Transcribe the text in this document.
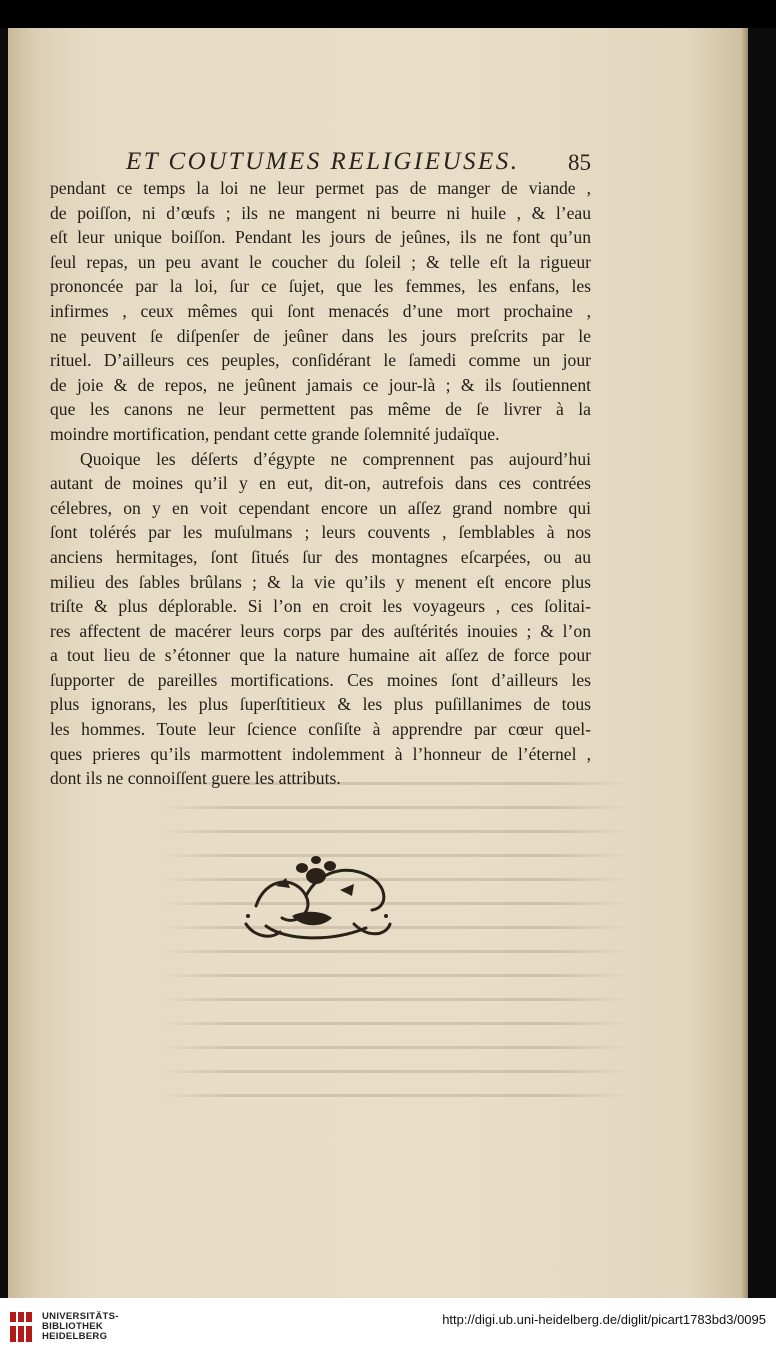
ET COUTUMES RELIGIEUSES.	85

pendant ce temps la loi ne leur permet pas de manger de viande ,
de poiſſon, ni d’œufs ; ils ne mangent ni beurre ni huile , & l’eau
eſt leur unique boiſſon. Pendant les jours de jeûnes, ils ne font qu’un
ſeul repas, un peu avant le coucher du ſoleil ; & telle eſt la rigueur
prononcée par la loi, ſur ce ſujet, que les femmes, les enfans, les
infirmes , ceux mêmes qui ſont menacés d’une mort prochaine ,
ne peuvent ſe diſpenſer de jeûner dans les jours preſcrits par le
rituel. D’ailleurs ces peuples, conſidérant le ſamedi comme un jour
de joie & de repos, ne jeûnent jamais ce jour-là ; & ils ſoutiennent
que les canons ne leur permettent pas même de ſe livrer à la

moindre mortification, pendant cette grande ſolemnité judaïque.

Quoique les déſerts d’égypte ne comprennent pas aujourd’hui

autant de moines qu’il y en eut, dit-on, autrefois dans ces contrées
célebres, on y en voit cependant encore un aſſez grand nombre qui
ſont tolérés par les muſulmans ; leurs couvents , ſemblables à nos
anciens hermitages, ſont ſitués ſur des montagnes eſcarpées, ou au
milieu des ſables brûlans ; & la vie qu’ils y menent eſt encore plus
triſte & plus déplorable. Si l’on en croit les voyageurs , ces ſolitai-
res affectent de macérer leurs corps par des auſtérités inouies ; & l’on
a tout lieu de s’étonner que la nature humaine ait aſſez de force pour
ſupporter de pareilles mortifications. Ces moines ſont d’ailleurs les
plus ignorans, les plus ſuperſtitieux & les plus puſillanimes de tous
les hommes. Toute leur ſcience conſiſte à apprendre par cœur quel-
ques prieres qu’ils marmottent indolemment à l’honneur de l’éternel ,

dont ils ne connoiſſent guere les attributs.

UNIVERSITÄTS-
BIBLIOTHEK
HEIDELBERG
http://digi.ub.uni-heidelberg.de/diglit/picart1783bd3/0095
